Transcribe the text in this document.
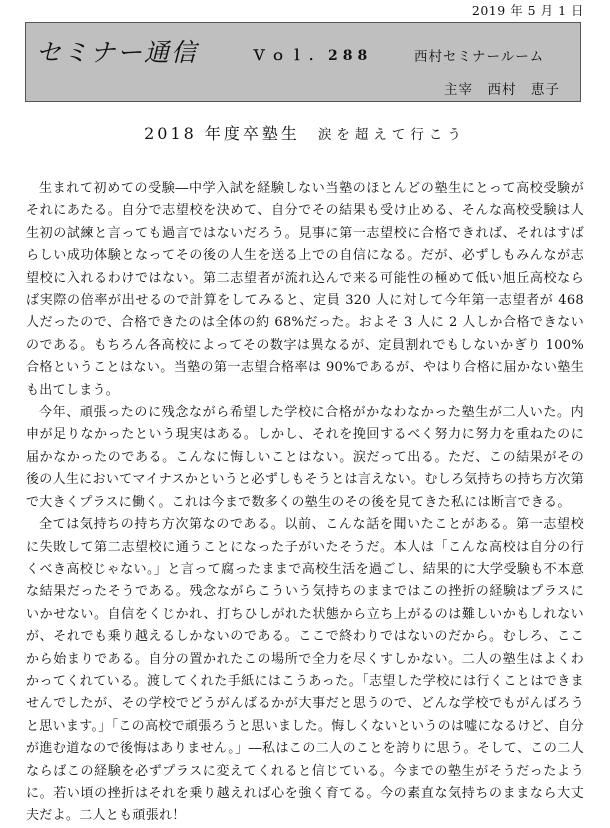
2019 年 5 月 1 日
セミナー通信	Ｖｏｌ．288	西村セミナールーム
主宰　西村　恵子
2018 年度卒塾生 涙を超えて行こう

生まれて初めての受験―中学入試を経験しない当塾のほとんどの塾生にとって高校受験がそれにあたる。自分で志望校を決めて、自分でその結果も受け止める、そんな高校受験は人生初の試練と言っても過言ではないだろう。見事に第一志望校に合格できれば、それはすばらしい成功体験となってその後の人生を送る上での自信になる。だが、必ずしもみんなが志望校に入れるわけではない。第二志望者が流れ込んで来る可能性の極めて低い旭丘高校ならば実際の倍率が出せるので計算をしてみると、定員 320 人に対して今年第一志望者が 468 人だったので、合格できたのは全体の約 68%だった。およそ 3 人に 2 人しか合格できないのである。もちろん各高校によってその数字は異なるが、定員割れでもしないかぎり 100%合格ということはない。当塾の第一志望合格率は 90%であるが、やはり合格に届かない塾生も出てしまう。

今年、頑張ったのに残念ながら希望した学校に合格がかなわなかった塾生が二人いた。内申が足りなかったという現実はある。しかし、それを挽回するべく努力に努力を重ねたのに届かなかったのである。こんなに悔しいことはない。涙だって出る。ただ、この結果がその後の人生においてマイナスかというと必ずしもそうとは言えない。むしろ気持ちの持ち方次第で大きくプラスに働く。これは今まで数多くの塾生のその後を見てきた私には断言できる。

全ては気持ちの持ち方次第なのである。以前、こんな話を聞いたことがある。第一志望校に失敗して第二志望校に通うことになった子がいたそうだ。本人は「こんな高校は自分の行くべき高校じゃない。」と言って腐ったままで高校生活を過ごし、結果的に大学受験も不本意な結果だったそうである。残念ながらこういう気持ちのままではこの挫折の経験はプラスにいかせない。自信をくじかれ、打ちひしがれた状態から立ち上がるのは難しいかもしれないが、それでも乗り越えるしかないのである。ここで終わりではないのだから。むしろ、ここから始まりである。自分の置かれたこの場所で全力を尽くすしかない。二人の塾生はよくわかってくれている。渡してくれた手紙にはこうあった。「志望した学校には行くことはできませんでしたが、その学校でどうがんばるかが大事だと思うので、どんな学校でもがんばろうと思います。」「この高校で頑張ろうと思いました。悔しくないというのは嘘になるけど、自分が進む道なので後悔はありません。」―私はこの二人のことを誇りに思う。そして、この二人ならばこの経験を必ずプラスに変えてくれると信じている。今までの塾生がそうだったように。若い頃の挫折はそれを乗り越えれば心を強く育てる。今の素直な気持ちのままなら大丈夫だよ。二人とも頑張れ！
